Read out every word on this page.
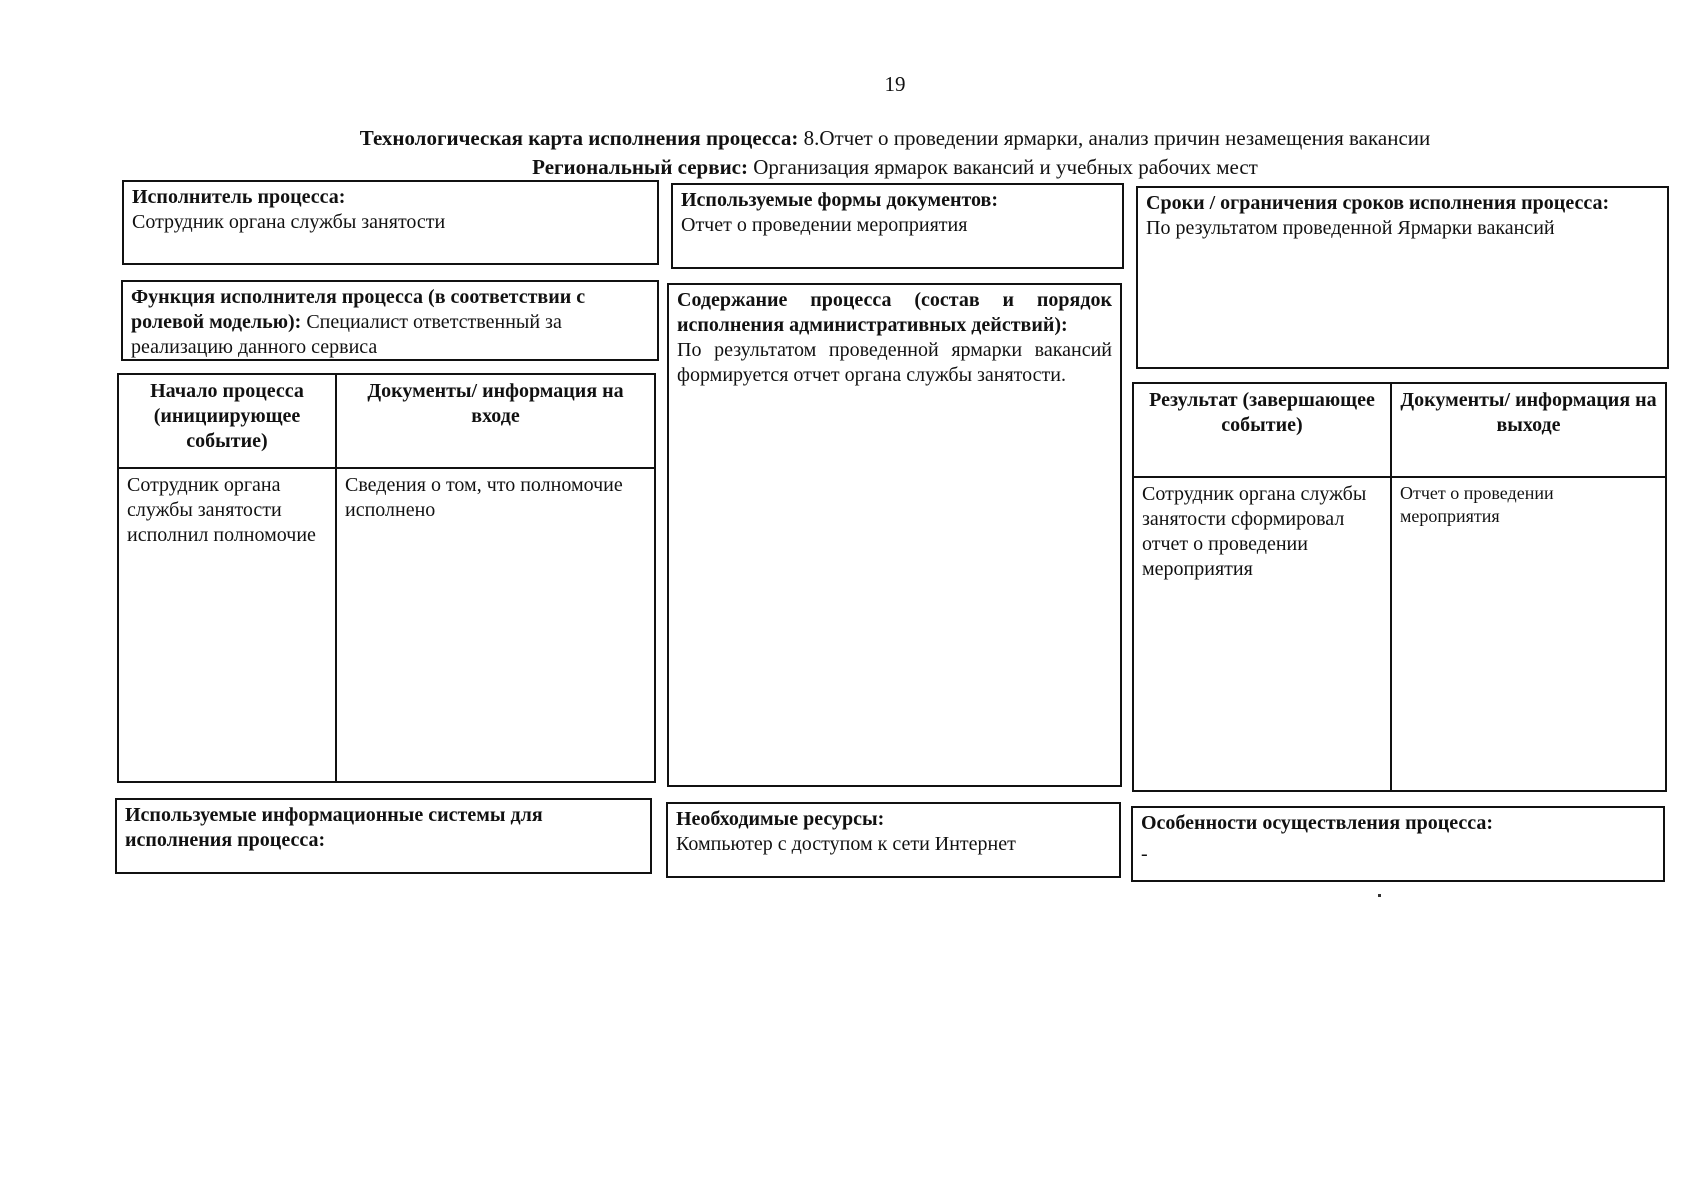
19
Технологическая карта исполнения процесса: 8.Отчет о проведении ярмарки, анализ причин незамещения вакансии
Региональный сервис: Организация ярмарок вакансий и учебных рабочих мест
Исполнитель процесса:
Сотрудник органа службы занятости
Используемые формы документов:
Отчет о проведении мероприятия
Сроки / ограничения сроков исполнения процесса:
По результатом проведенной Ярмарки вакансий
Функция исполнителя процесса (в соответствии с ролевой моделью): Специалист ответственный за реализацию данного сервиса
Содержание процесса (состав и порядок исполнения административных действий):
По результатом проведенной ярмарки вакансий формируется отчет органа службы занятости.
Начало процесса (инициирующее событие)	Документы/ информация на входе
Сотрудник органа службы занятости исполнил полномочие	Сведения о том, что полномочие исполнено
Результат (завершающее событие)	Документы/ информация на выходе
Сотрудник органа службы занятости сформировал отчет о проведении мероприятия	Отчет о проведении мероприятия
Используемые информационные системы для исполнения процесса:
Необходимые ресурсы:
Компьютер с доступом к сети Интернет
Особенности осуществления процесса:
-
